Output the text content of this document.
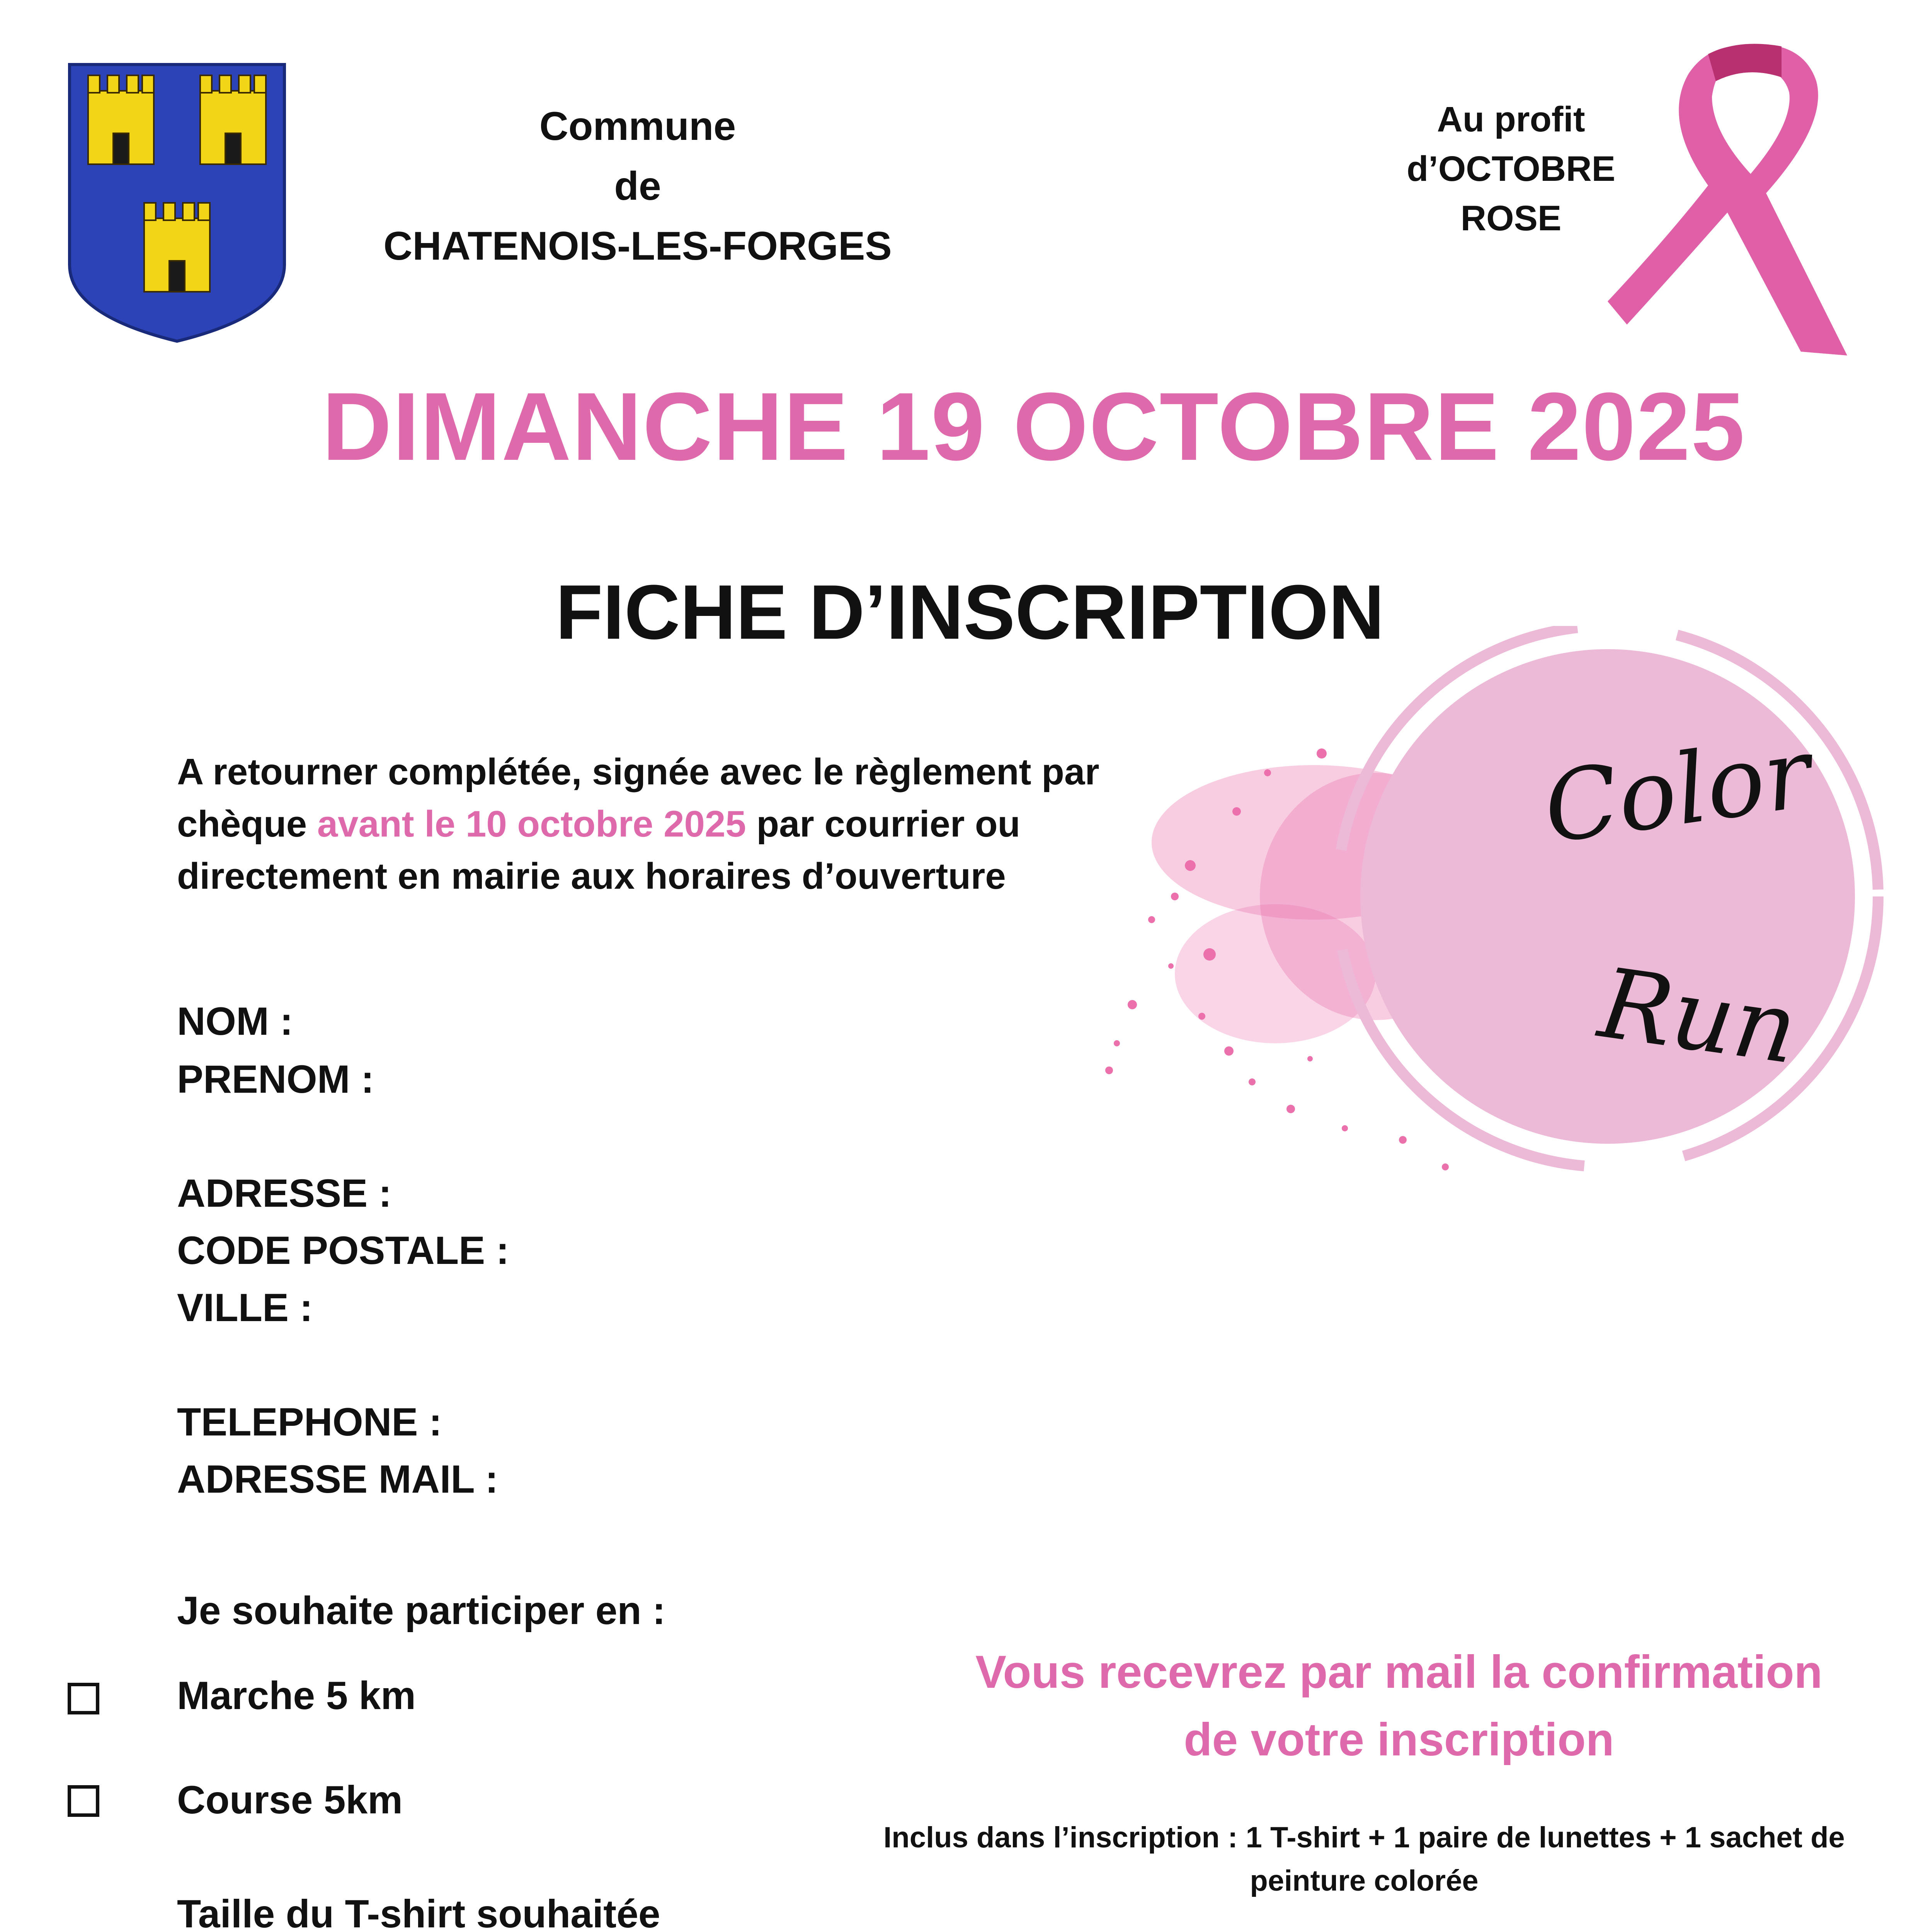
Commune
de
CHATENOIS-LES-FORGES
Au profit
d’OCTOBRE
ROSE
DIMANCHE 19 OCTOBRE 2025
FICHE D’INSCRIPTION
A retourner complétée, signée avec le règlement par chèque avant le 10 octobre 2025 par courrier ou directement en mairie aux horaires d’ouverture
Color
Run
NOM :
PRENOM :
ADRESSE :
CODE POSTALE :
VILLE :
TELEPHONE :
ADRESSE MAIL :
Je souhaite participer en :
Marche 5 km
Course 5km
Taille du T-shirt souhaitée
Vous recevrez par mail la confirmation
de votre inscription
Inclus dans l’inscription : 1 T-shirt + 1 paire de lunettes + 1 sachet de peinture colorée
